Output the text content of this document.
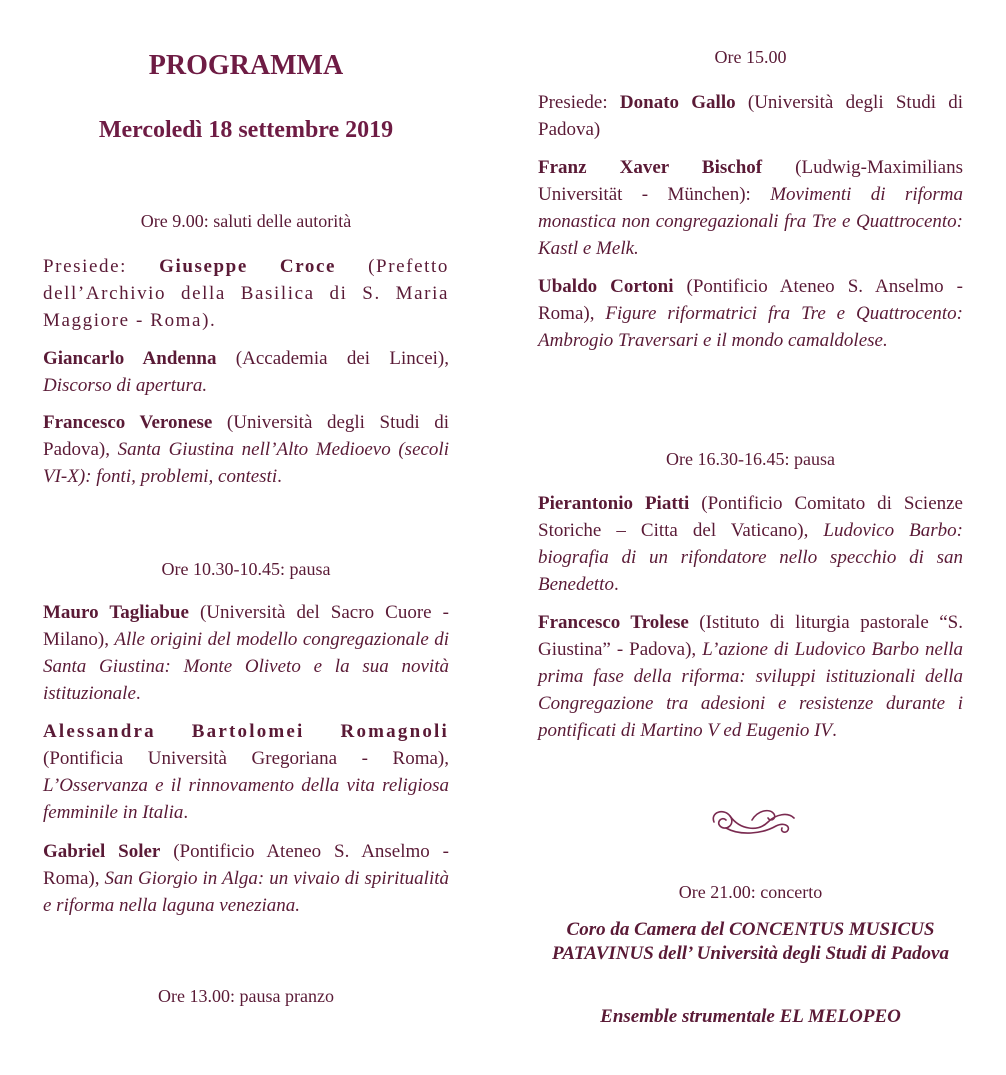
PROGRAMMA
Mercoledì 18 settembre 2019

Ore 9.00: saluti delle autorità

Presiede: Giuseppe Croce (Prefetto dell’Archivio della Basilica di S. Maria Maggiore - Roma).

Giancarlo Andenna (Accademia dei Lincei), Discorso di apertura.

Francesco Veronese (Università degli Studi di Padova), Santa Giustina nell’Alto Medioevo (secoli VI-X): fonti, problemi, contesti.

Ore 10.30-10.45: pausa

Mauro Tagliabue (Università del Sacro Cuore - Milano), Alle origini del modello congregazionale di Santa Giustina: Monte Oliveto e la sua novità istituzionale.

Alessandra Bartolomei Romagnoli (Pontificia Università Gregoriana - Roma), L’Osservanza e il rinnovamento della vita religiosa femminile in Italia.

Gabriel Soler (Pontificio Ateneo S. Anselmo - Roma), San Giorgio in Alga: un vivaio di spiritualità e riforma nella laguna veneziana.

Ore 13.00: pausa pranzo

Ore 15.00

Presiede: Donato Gallo (Università degli Studi di Padova)

Franz Xaver Bischof (Ludwig-Maximilians Universität - München): Movimenti di riforma monastica non congregazionali fra Tre e Quattrocento: Kastl e Melk.

Ubaldo Cortoni (Pontificio Ateneo S. Anselmo - Roma), Figure riformatrici fra Tre e Quattrocento: Ambrogio Traversari e il mondo camaldolese.

Ore 16.30-16.45: pausa

Pierantonio Piatti (Pontificio Comitato di Scienze Storiche – Citta del Vaticano), Ludovico Barbo: biografia di un rifondatore nello specchio di san Benedetto.

Francesco Trolese (Istituto di liturgia pastorale “S. Giustina” - Padova), L’azione di Ludovico Barbo nella prima fase della riforma: sviluppi istituzionali della Congregazione tra adesioni e resistenze durante i pontificati di Martino V ed Eugenio IV.

Ore 21.00: concerto

Coro da Camera del CONCENTUS MUSICUS PATAVINUS dell’ Università degli Studi di Padova

Ensemble strumentale EL MELOPEO
